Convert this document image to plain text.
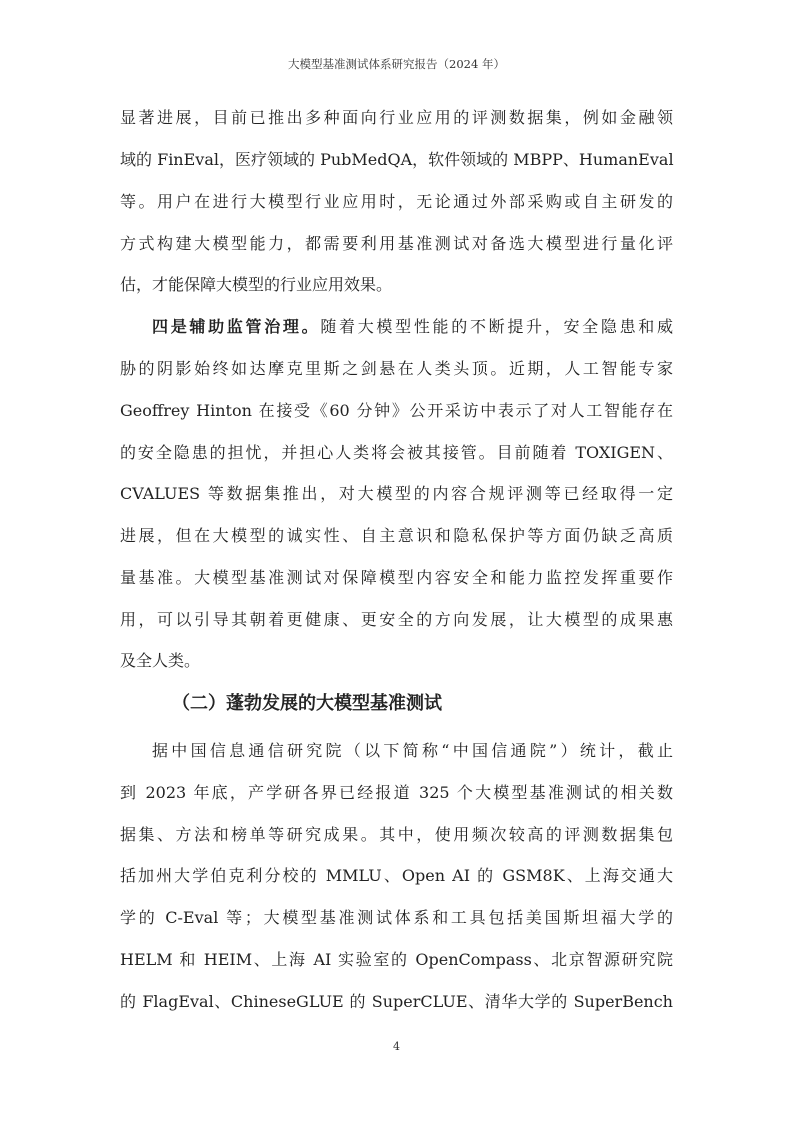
大模型基准测试体系研究报告（2024 年）
显著进展，目前已推出多种面向行业应用的评测数据集，例如金融领
域的 FinEval，医疗领域的 PubMedQA，软件领域的 MBPP、HumanEval
等。用户在进行大模型行业应用时，无论通过外部采购或自主研发的
方式构建大模型能力，都需要利用基准测试对备选大模型进行量化评
估，才能保障大模型的行业应用效果。
四是辅助监管治理。随着大模型性能的不断提升，安全隐患和威
胁的阴影始终如达摩克里斯之剑悬在人类头顶。近期，人工智能专家
Geoffrey Hinton 在接受《60 分钟》公开采访中表示了对人工智能存在
的安全隐患的担忧，并担心人类将会被其接管。目前随着 TOXIGEN、
CVALUES 等数据集推出，对大模型的内容合规评测等已经取得一定
进展，但在大模型的诚实性、自主意识和隐私保护等方面仍缺乏高质
量基准。大模型基准测试对保障模型内容安全和能力监控发挥重要作
用，可以引导其朝着更健康、更安全的方向发展，让大模型的成果惠
及全人类。
（二）蓬勃发展的大模型基准测试
据中国信息通信研究院（以下简称“中国信通院”）统计，截止
到 2023 年底，产学研各界已经报道 325 个大模型基准测试的相关数
据集、方法和榜单等研究成果。其中，使用频次较高的评测数据集包
括加州大学伯克利分校的 MMLU、Open AI 的 GSM8K、上海交通大
学的 C-Eval 等；大模型基准测试体系和工具包括美国斯坦福大学的
HELM 和 HEIM、上海 AI 实验室的 OpenCompass、北京智源研究院
的 FlagEval、ChineseGLUE 的 SuperCLUE、清华大学的 SuperBench
4
